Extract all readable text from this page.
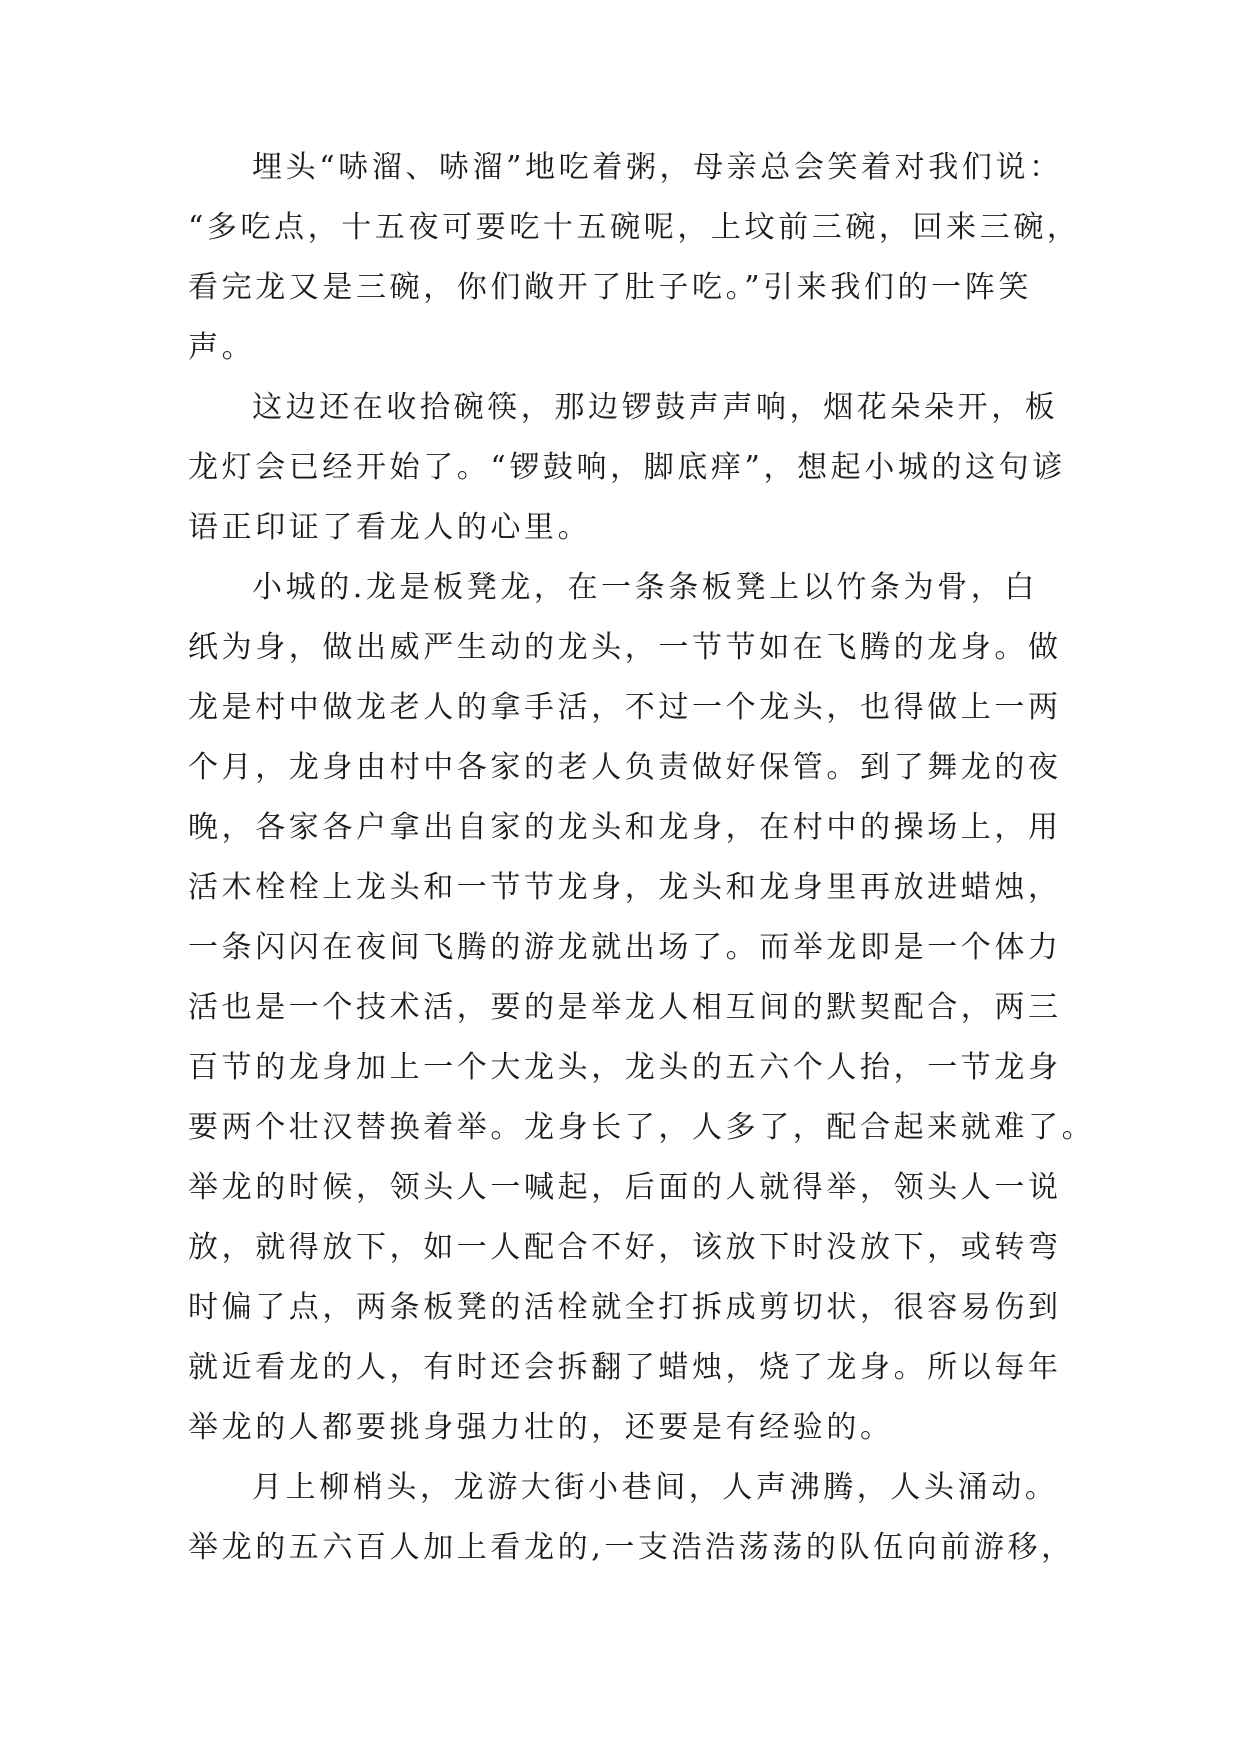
埋头“哧溜、哧溜”地吃着粥，母亲总会笑着对我们说：
“多吃点，十五夜可要吃十五碗呢，上坟前三碗，回来三碗，
看完龙又是三碗，你们敞开了肚子吃。”引来我们的一阵笑
声。
这边还在收拾碗筷，那边锣鼓声声响，烟花朵朵开，板
龙灯会已经开始了。“锣鼓响，脚底痒”，想起小城的这句谚
语正印证了看龙人的心里。
小城的.龙是板凳龙，在一条条板凳上以竹条为骨，白
纸为身，做出威严生动的龙头，一节节如在飞腾的龙身。做
龙是村中做龙老人的拿手活，不过一个龙头，也得做上一两
个月，龙身由村中各家的老人负责做好保管。到了舞龙的夜
晚，各家各户拿出自家的龙头和龙身，在村中的操场上，用
活木栓栓上龙头和一节节龙身，龙头和龙身里再放进蜡烛，
一条闪闪在夜间飞腾的游龙就出场了。而举龙即是一个体力
活也是一个技术活，要的是举龙人相互间的默契配合，两三
百节的龙身加上一个大龙头，龙头的五六个人抬，一节龙身
要两个壮汉替换着举。龙身长了，人多了，配合起来就难了。
举龙的时候，领头人一喊起，后面的人就得举，领头人一说
放，就得放下，如一人配合不好，该放下时没放下，或转弯
时偏了点，两条板凳的活栓就全打拆成剪切状，很容易伤到
就近看龙的人，有时还会拆翻了蜡烛，烧了龙身。所以每年
举龙的人都要挑身强力壮的，还要是有经验的。
月上柳梢头，龙游大街小巷间，人声沸腾，人头涌动。
举龙的五六百人加上看龙的,一支浩浩荡荡的队伍向前游移，
